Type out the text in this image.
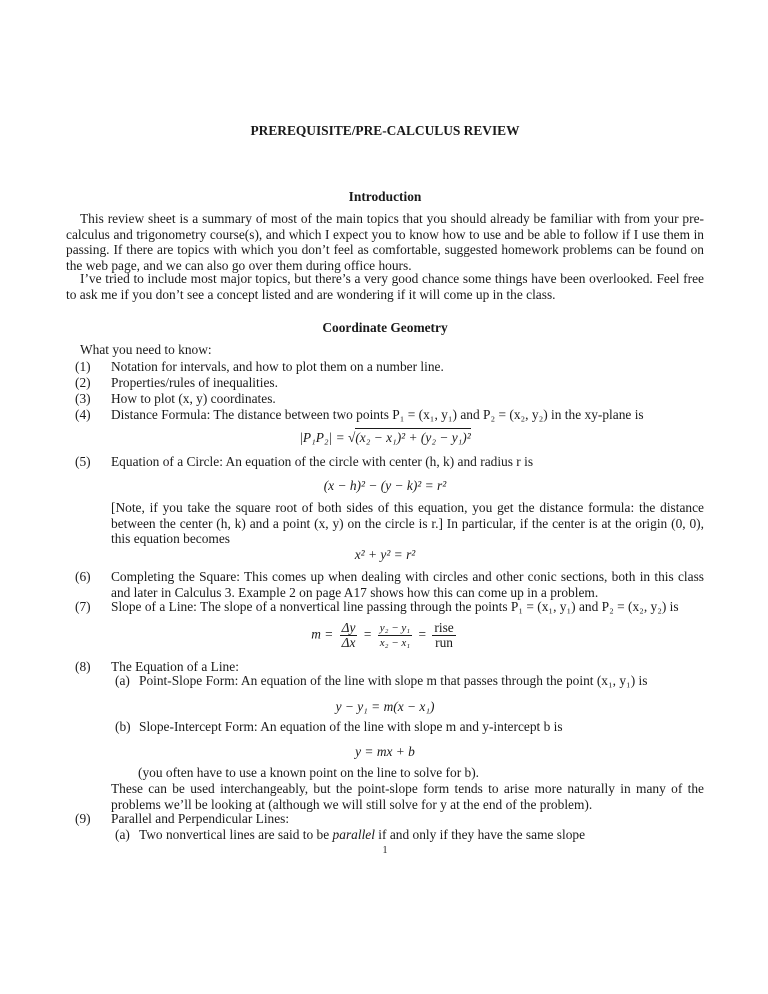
PREREQUISITE/PRE-CALCULUS REVIEW
Introduction
This review sheet is a summary of most of the main topics that you should already be familiar with from your pre-calculus and trigonometry course(s), and which I expect you to know how to use and be able to follow if I use them in passing. If there are topics with which you don’t feel as comfortable, suggested homework problems can be found on the web page, and we can also go over them during office hours.
I’ve tried to include most major topics, but there’s a very good chance some things have been overlooked. Feel free to ask me if you don’t see a concept listed and are wondering if it will come up in the class.
Coordinate Geometry
What you need to know:
(1) Notation for intervals, and how to plot them on a number line.
(2) Properties/rules of inequalities.
(3) How to plot (x, y) coordinates.
(4) Distance Formula: The distance between two points P₁ = (x₁, y₁) and P₂ = (x₂, y₂) in the xy-plane is
|P₁P₂| = √(x₂ − x₁)² + (y₂ − y₁)²
(5) Equation of a Circle: An equation of the circle with center (h, k) and radius r is
(x − h)² − (y − k)² = r²
[Note, if you take the square root of both sides of this equation, you get the distance formula: the distance between the center (h, k) and a point (x, y) on the circle is r.] In particular, if the center is at the origin (0, 0), this equation becomes
x² + y² = r²
(6) Completing the Square: This comes up when dealing with circles and other conic sections, both in this class and later in Calculus 3. Example 2 on page A17 shows how this can come up in a problem.
(7) Slope of a Line: The slope of a nonvertical line passing through the points P₁ = (x₁, y₁) and P₂ = (x₂, y₂) is
$m = \frac{\Delta y}{\Delta x} = \frac{\text{y₂ − y₁}}{\text{x₂ − x₁}} = \frac{\text{rise}}{\text{run}}$
(8) The Equation of a Line:
(a) Point-Slope Form: An equation of the line with slope m that passes through the point (x₁, y₁) is
y − y₁ = m(x − x₁)
(b) Slope-Intercept Form: An equation of the line with slope m and y-intercept b is
y = mx + b
(you often have to use a known point on the line to solve for b).
These can be used interchangeably, but the point-slope form tends to arise more naturally in many of the problems we’ll be looking at (although we will still solve for y at the end of the problem).
(9) Parallel and Perpendicular Lines:
(a) Two nonvertical lines are said to be parallel if and only if they have the same slope
1
